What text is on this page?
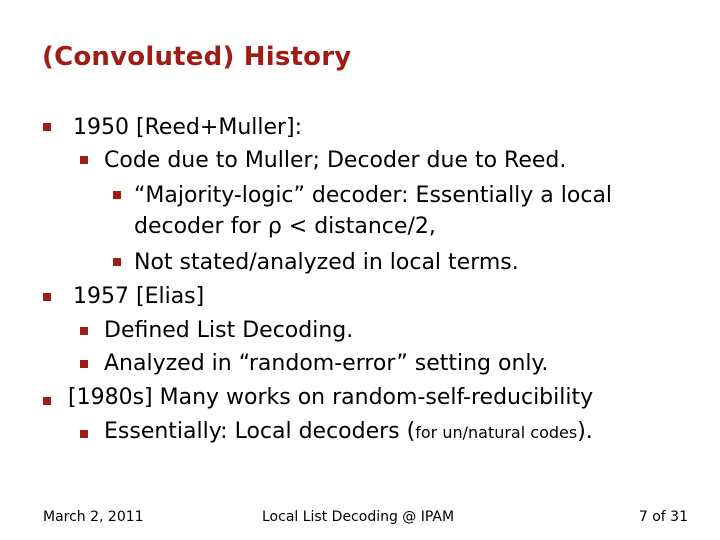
(Convoluted) History
1950 [Reed+Muller]:
Code due to Muller; Decoder due to Reed.
“Majority-logic” decoder: Essentially a local
decoder for ρ < distance/2,
Not stated/analyzed in local terms.
1957 [Elias]
Defined List Decoding.
Analyzed in “random-error” setting only.
[1980s] Many works on random-self-reducibility
Essentially: Local decoders (for un/natural codes).
March 2, 2011	Local List Decoding @ IPAM	7 of 31
